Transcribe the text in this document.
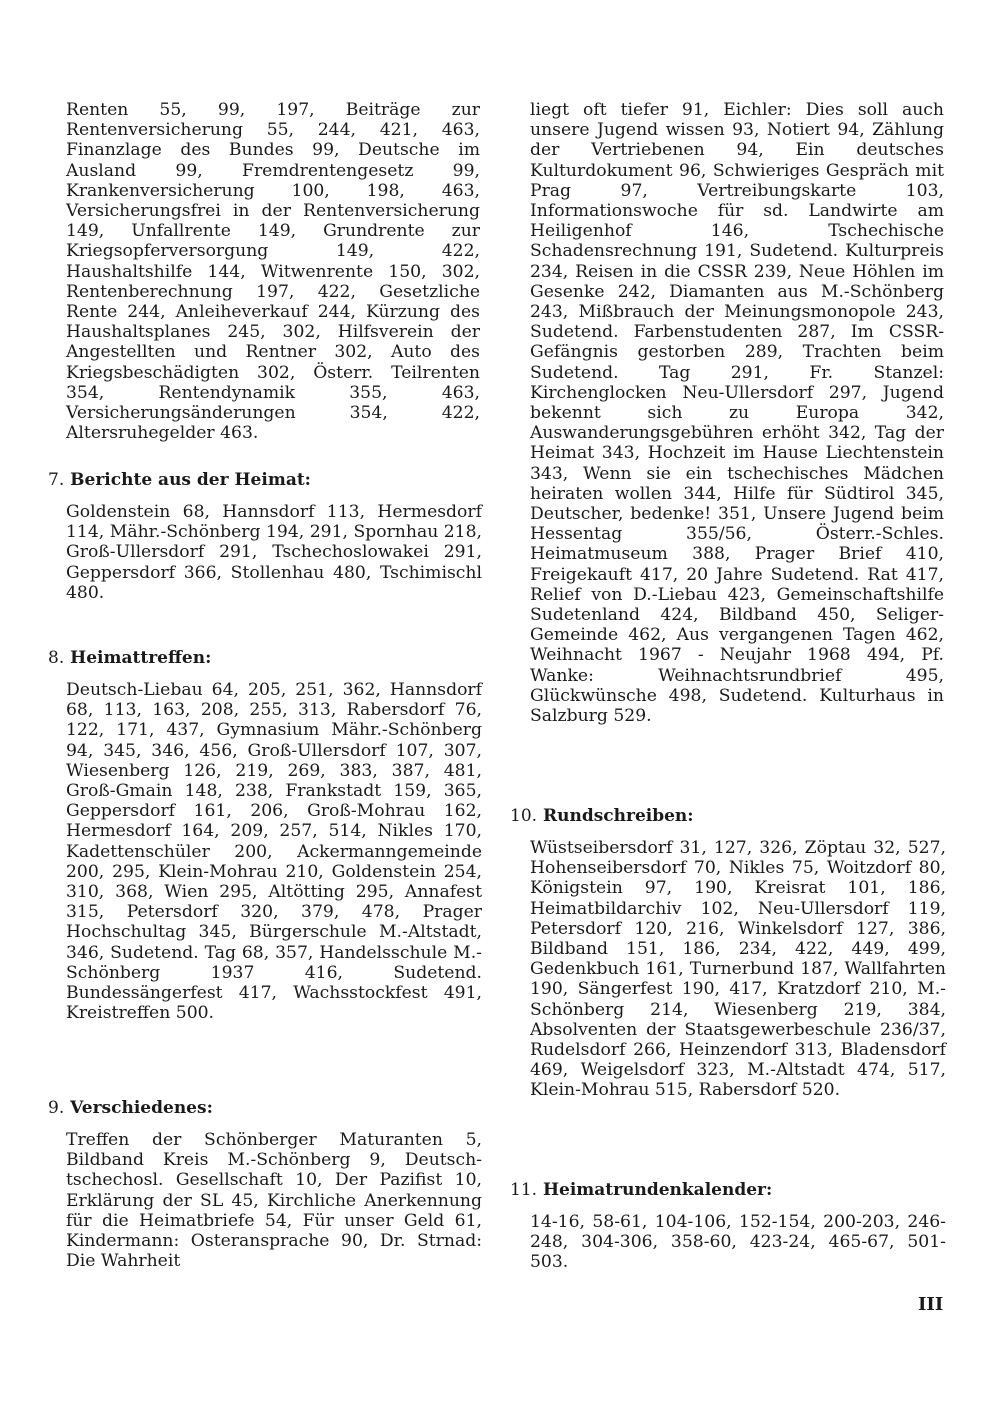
Renten 55, 99, 197, Beiträge zur Rentenversicherung 55, 244, 421, 463, Finanzlage des Bundes 99, Deutsche im Ausland 99, Fremdrentengesetz 99, Krankenversicherung 100, 198, 463, Versicherungsfrei in der Rentenversicherung 149, Unfallrente 149, Grundrente zur Kriegsopferversorgung 149, 422, Haushaltshilfe 144, Witwenrente 150, 302, Rentenberechnung 197, 422, Gesetzliche Rente 244, Anleiheverkauf 244, Kürzung des Haushaltsplanes 245, 302, Hilfsverein der Angestellten und Rentner 302, Auto des Kriegsbeschädigten 302, Österr. Teilrenten 354, Rentendynamik 355, 463, Versicherungsänderungen 354, 422, Altersruhegelder 463.

7. Berichte aus der Heimat:

Goldenstein 68, Hannsdorf 113, Hermesdorf 114, Mähr.-Schönberg 194, 291, Spornhau 218, Groß-Ullersdorf 291, Tschechoslowakei 291, Geppersdorf 366, Stollenhau 480, Tschimischl 480.

8. Heimattreffen:

Deutsch-Liebau 64, 205, 251, 362, Hannsdorf 68, 113, 163, 208, 255, 313, Rabersdorf 76, 122, 171, 437, Gymnasium Mähr.-Schönberg 94, 345, 346, 456, Groß-Ullersdorf 107, 307, Wiesenberg 126, 219, 269, 383, 387, 481, Groß-Gmain 148, 238, Frankstadt 159, 365, Geppersdorf 161, 206, Groß-Mohrau 162, Hermesdorf 164, 209, 257, 514, Nikles 170, Kadettenschüler 200, Ackermanngemeinde 200, 295, Klein-Mohrau 210, Goldenstein 254, 310, 368, Wien 295, Altötting 295, Annafest 315, Petersdorf 320, 379, 478, Prager Hochschultag 345, Bürgerschule M.-Altstadt, 346, Sudetend. Tag 68, 357, Handelsschule M.-Schönberg 1937 416, Sudetend. Bundessängerfest 417, Wachsstockfest 491, Kreistreffen 500.

9. Verschiedenes:

Treffen der Schönberger Maturanten 5, Bildband Kreis M.-Schönberg 9, Deutsch-tschechosl. Gesellschaft 10, Der Pazifist 10, Erklärung der SL 45, Kirchliche Anerkennung für die Heimatbriefe 54, Für unser Geld 61, Kindermann: Osteransprache 90, Dr. Strnad: Die Wahrheit

liegt oft tiefer 91, Eichler: Dies soll auch unsere Jugend wissen 93, Notiert 94, Zählung der Vertriebenen 94, Ein deutsches Kulturdokument 96, Schwieriges Gespräch mit Prag 97, Vertreibungskarte 103, Informationswoche für sd. Landwirte am Heiligenhof 146, Tschechische Schadensrechnung 191, Sudetend. Kulturpreis 234, Reisen in die CSSR 239, Neue Höhlen im Gesenke 242, Diamanten aus M.-Schönberg 243, Mißbrauch der Meinungsmonopole 243, Sudetend. Farbenstudenten 287, Im CSSR-Gefängnis gestorben 289, Trachten beim Sudetend. Tag 291, Fr. Stanzel: Kirchenglocken Neu-Ullersdorf 297, Jugend bekennt sich zu Europa 342, Auswanderungsgebühren erhöht 342, Tag der Heimat 343, Hochzeit im Hause Liechtenstein 343, Wenn sie ein tschechisches Mädchen heiraten wollen 344, Hilfe für Südtirol 345, Deutscher, bedenke! 351, Unsere Jugend beim Hessentag 355/56, Österr.-Schles. Heimatmuseum 388, Prager Brief 410, Freigekauft 417, 20 Jahre Sudetend. Rat 417, Relief von D.-Liebau 423, Gemeinschaftshilfe Sudetenland 424, Bildband 450, Seliger-Gemeinde 462, Aus vergangenen Tagen 462, Weihnacht 1967 - Neujahr 1968 494, Pf. Wanke: Weihnachtsrundbrief 495, Glückwünsche 498, Sudetend. Kulturhaus in Salzburg 529.

10. Rundschreiben:

Wüstseibersdorf 31, 127, 326, Zöptau 32, 527, Hohenseibersdorf 70, Nikles 75, Woitzdorf 80, Königstein 97, 190, Kreisrat 101, 186, Heimatbildarchiv 102, Neu-Ullersdorf 119, Petersdorf 120, 216, Winkelsdorf 127, 386, Bildband 151, 186, 234, 422, 449, 499, Gedenkbuch 161, Turnerbund 187, Wallfahrten 190, Sängerfest 190, 417, Kratzdorf 210, M.-Schönberg 214, Wiesenberg 219, 384, Absolventen der Staatsgewerbeschule 236/37, Rudelsdorf 266, Heinzendorf 313, Bladensdorf 469, Weigelsdorf 323, M.-Altstadt 474, 517, Klein-Mohrau 515, Rabersdorf 520.

11. Heimatrundenkalender:

14-16, 58-61, 104-106, 152-154, 200-203, 246-248, 304-306, 358-60, 423-24, 465-67, 501-503.

III
